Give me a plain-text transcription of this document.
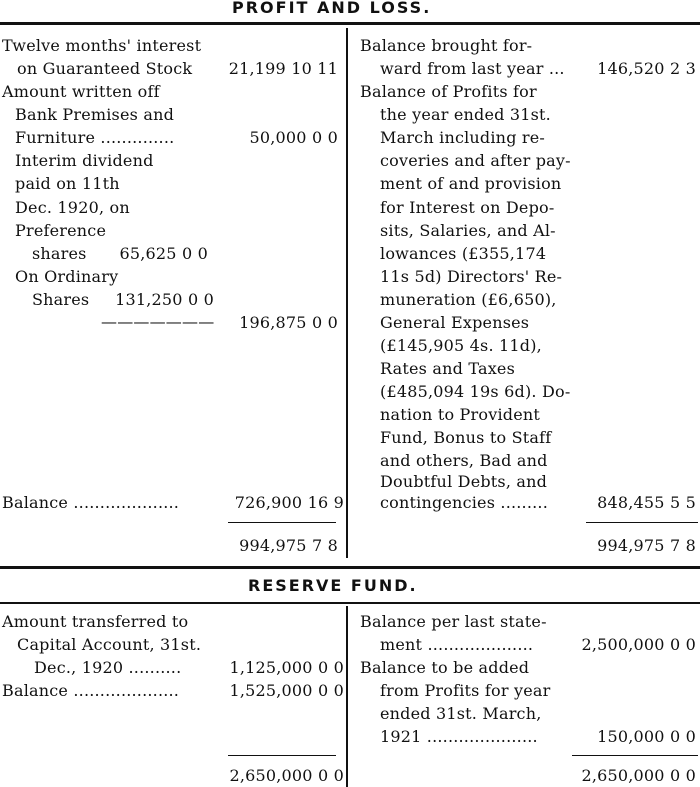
PROFIT AND LOSS.
Twelve months' interest
on Guaranteed Stock 21,199 10 11
Amount written off
Bank Premises and
Furniture ..............	50,000 0 0
Interim dividend
paid on 11th
Dec. 1920, on
Preference
shares 65,625 0 0
On Ordinary
Shares 131,250 0 0
——————— 196,875 0 0
Balance ....................	726,900 16 9
994,975 7 8
Balance brought for-
ward from last year ... 146,520 2 3
Balance of Profits for
the year ended 31st.
March including re-
coveries and after pay-
ment of and provision
for Interest on Depo-
sits, Salaries, and Al-
lowances (£355,174
11s 5d) Directors' Re-
muneration (£6,650),
General Expenses
(£145,905 4s. 11d),
Rates and Taxes
(£485,094 19s 6d). Do-
nation to Provident
Fund, Bonus to Staff
and others, Bad and
Doubtful Debts, and
contingencies .........	848,455 5 5
994,975 7 8
RESERVE FUND.
Amount transferred to
Capital Account, 31st.
Dec., 1920 ..........	1,125,000 0 0
Balance ....................	1,525,000 0 0
2,650,000 0 0
Balance per last state-
ment ....................	2,500,000 0 0
Balance to be added
from Profits for year
ended 31st. March,
1921 .....................	150,000 0 0
2,650,000 0 0
